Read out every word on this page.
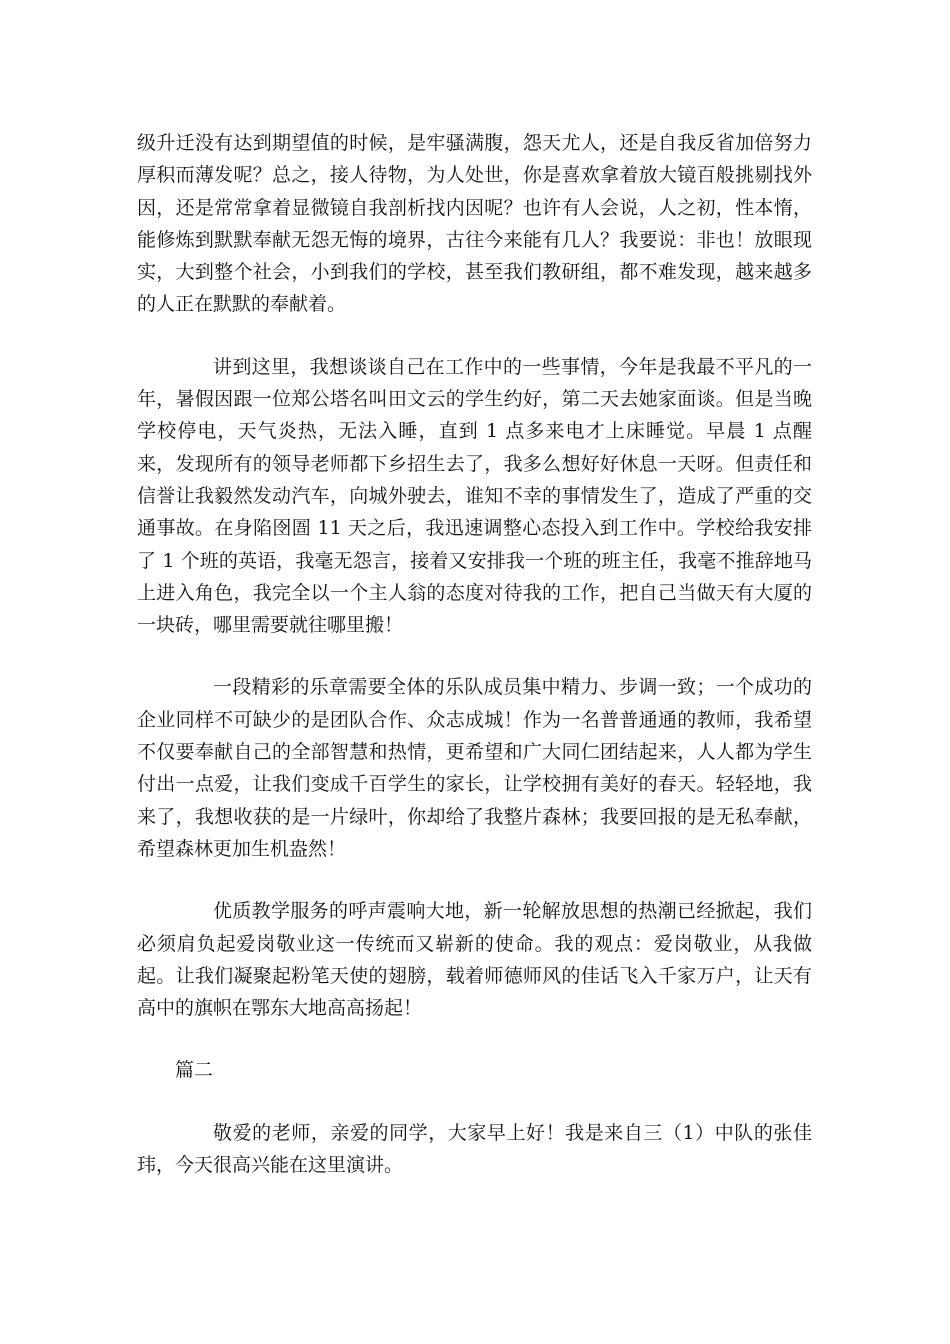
级升迁没有达到期望值的时候，是牢骚满腹，怨天尤人，还是自我反省加倍努力厚积而薄发呢？总之，接人待物，为人处世，你是喜欢拿着放大镜百般挑剔找外因，还是常常拿着显微镜自我剖析找内因呢？也许有人会说，人之初，性本惰，能修炼到默默奉献无怨无悔的境界，古往今来能有几人？我要说：非也！放眼现实，大到整个社会，小到我们的学校，甚至我们教研组，都不难发现，越来越多的人正在默默的奉献着。

讲到这里，我想谈谈自己在工作中的一些事情，今年是我最不平凡的一年，暑假因跟一位郑公塔名叫田文云的学生约好，第二天去她家面谈。但是当晚学校停电，天气炎热，无法入睡，直到 1 点多来电才上床睡觉。早晨 1 点醒来，发现所有的领导老师都下乡招生去了，我多么想好好休息一天呀。但责任和信誉让我毅然发动汽车，向城外驶去，谁知不幸的事情发生了，造成了严重的交通事故。在身陷囹圄 11 天之后，我迅速调整心态投入到工作中。学校给我安排了 1 个班的英语，我毫无怨言，接着又安排我一个班的班主任，我毫不推辞地马上进入角色，我完全以一个主人翁的态度对待我的工作，把自己当做天有大厦的一块砖，哪里需要就往哪里搬！

一段精彩的乐章需要全体的乐队成员集中精力、步调一致；一个成功的企业同样不可缺少的是团队合作、众志成城！作为一名普普通通的教师，我希望不仅要奉献自己的全部智慧和热情，更希望和广大同仁团结起来，人人都为学生付出一点爱，让我们变成千百学生的家长，让学校拥有美好的春天。轻轻地，我来了，我想收获的是一片绿叶，你却给了我整片森林；我要回报的是无私奉献，希望森林更加生机盎然！

优质教学服务的呼声震响大地，新一轮解放思想的热潮已经掀起，我们必须肩负起爱岗敬业这一传统而又崭新的使命。我的观点：爱岗敬业，从我做起。让我们凝聚起粉笔天使的翅膀，载着师德师风的佳话飞入千家万户，让天有高中的旗帜在鄂东大地高高扬起！

篇二

敬爱的老师，亲爱的同学，大家早上好！我是来自三（1）中队的张佳玮，今天很高兴能在这里演讲。
